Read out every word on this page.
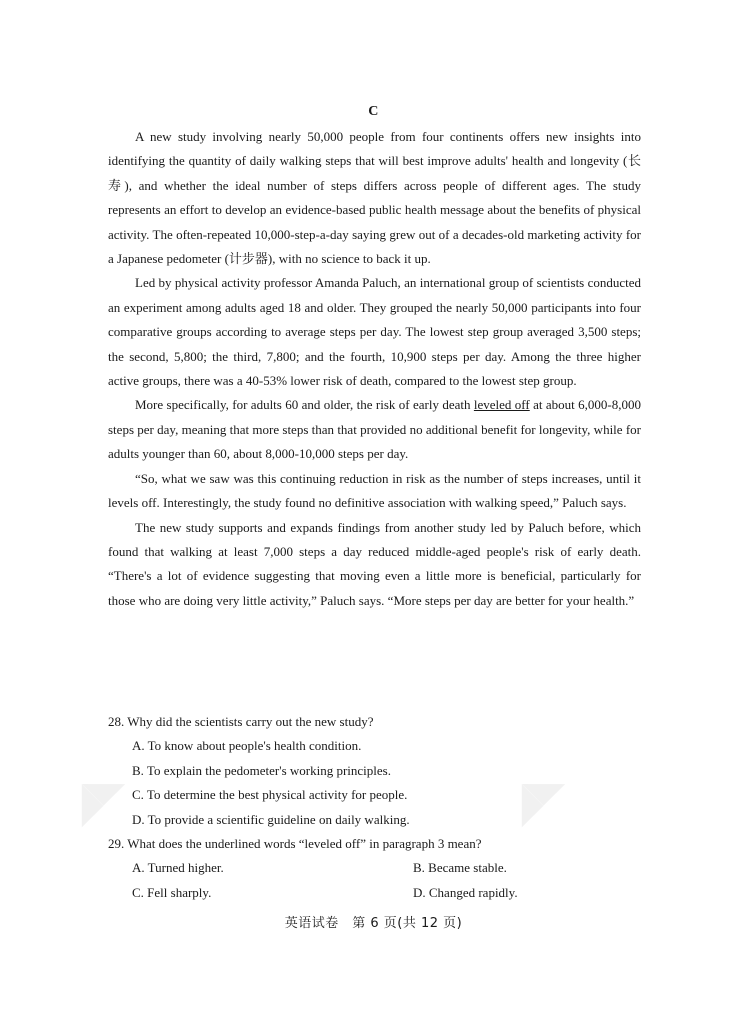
◢◣	◢◣
C

A new study involving nearly 50,000 people from four continents offers new insights into identifying the quantity of daily walking steps that will best improve adults' health and longevity (长寿), and whether the ideal number of steps differs across people of different ages. The study represents an effort to develop an evidence-based public health message about the benefits of physical activity. The often-repeated 10,000-step-a-day saying grew out of a decades-old marketing activity for a Japanese pedometer (计步器), with no science to back it up.

Led by physical activity professor Amanda Paluch, an international group of scientists conducted an experiment among adults aged 18 and older. They grouped the nearly 50,000 participants into four comparative groups according to average steps per day. The lowest step group averaged 3,500 steps; the second, 5,800; the third, 7,800; and the fourth, 10,900 steps per day. Among the three higher active groups, there was a 40-53% lower risk of death, compared to the lowest step group.

More specifically, for adults 60 and older, the risk of early death leveled off at about 6,000-8,000 steps per day, meaning that more steps than that provided no additional benefit for longevity, while for adults younger than 60, about 8,000-10,000 steps per day.

“So, what we saw was this continuing reduction in risk as the number of steps increases, until it levels off. Interestingly, the study found no definitive association with walking speed,” Paluch says.

The new study supports and expands findings from another study led by Paluch before, which found that walking at least 7,000 steps a day reduced middle-aged people's risk of early death. “There's a lot of evidence suggesting that moving even a little more is beneficial, particularly for those who are doing very little activity,” Paluch says. “More steps per day are better for your health.”

28. Why did the scientists carry out the new study?

A. To know about people's health condition.

B. To explain the pedometer's working principles.

C. To determine the best physical activity for people.

D. To provide a scientific guideline on daily walking.

29. What does the underlined words “leveled off” in paragraph 3 mean?

A. Turned higher.	B. Became stable.

C. Fell sharply.	D. Changed rapidly.

英语试卷　第 6 页(共 12 页)
